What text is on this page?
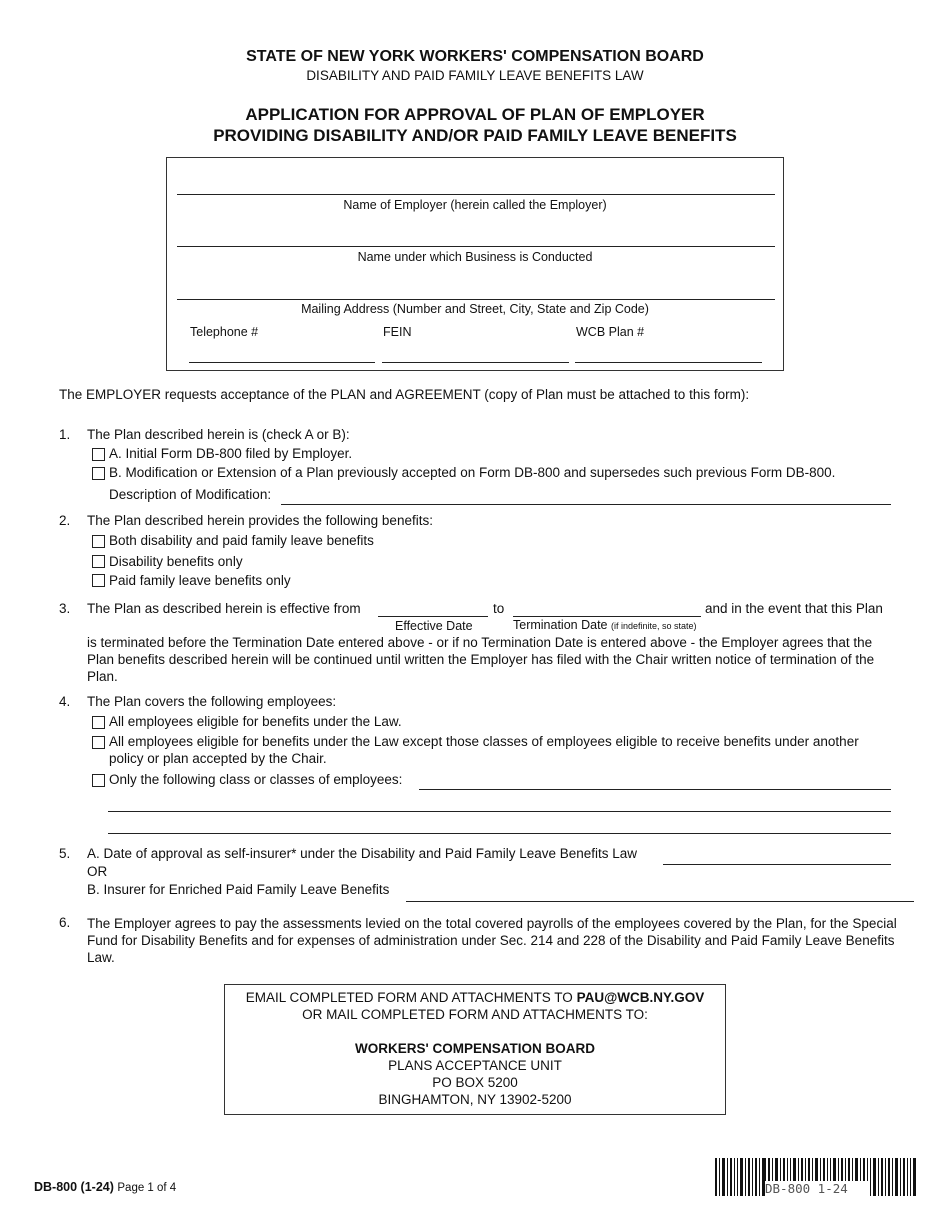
STATE OF NEW YORK WORKERS' COMPENSATION BOARD
DISABILITY AND PAID FAMILY LEAVE BENEFITS LAW
APPLICATION FOR APPROVAL OF PLAN OF EMPLOYER
PROVIDING DISABILITY AND/OR PAID FAMILY LEAVE BENEFITS
Name of Employer (herein called the Employer)
Name under which Business is Conducted
Mailing Address (Number and Street, City, State and Zip Code)
Telephone #	FEIN	WCB Plan #
The EMPLOYER requests acceptance of the PLAN and AGREEMENT (copy of Plan must be attached to this form):
1. The Plan described herein is (check A or B):
A. Initial Form DB-800 filed by Employer.
B. Modification or Extension of a Plan previously accepted on Form DB-800 and supersedes such previous Form DB-800.
Description of Modification:
2. The Plan described herein provides the following benefits:
Both disability and paid family leave benefits
Disability benefits only
Paid family leave benefits only
3. The Plan as described herein is effective from	to	and in the event that this Plan
Effective Date	Termination Date (if indefinite, so state)
is terminated before the Termination Date entered above - or if no Termination Date is entered above - the Employer agrees that the Plan benefits described herein will be continued until written the Employer has filed with the Chair written notice of termination of the Plan.
4. The Plan covers the following employees:
All employees eligible for benefits under the Law.
All employees eligible for benefits under the Law except those classes of employees eligible to receive benefits under another
policy or plan accepted by the Chair.
Only the following class or classes of employees:
5. A. Date of approval as self-insurer* under the Disability and Paid Family Leave Benefits Law
OR
B. Insurer for Enriched Paid Family Leave Benefits
6. The Employer agrees to pay the assessments levied on the total covered payrolls of the employees covered by the Plan, for the Special Fund for Disability Benefits and for expenses of administration under Sec. 214 and 228 of the Disability and Paid Family Leave Benefits Law.
EMAIL COMPLETED FORM AND ATTACHMENTS TO PAU@WCB.NY.GOV
OR MAIL COMPLETED FORM AND ATTACHMENTS TO:
WORKERS' COMPENSATION BOARD
PLANS ACCEPTANCE UNIT
PO BOX 5200
BINGHAMTON, NY 13902-5200
DB-800 (1-24) Page 1 of 4	DB-800 1-24
